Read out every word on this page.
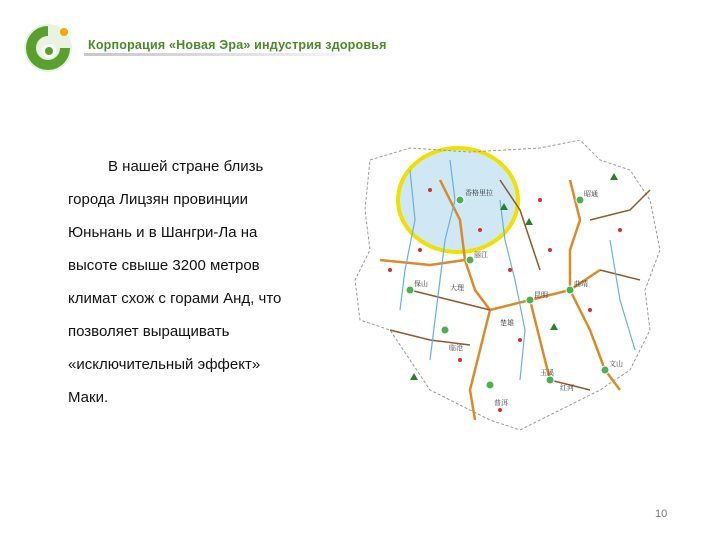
Корпорация «Новая Эра» индустрия здоровья
В нашей стране близь
города Лицзян провинции
Юньнань и в Шангри-Ла на
высоте свыше 3200 метров
климат схож с горами Анд, что
позволяет выращивать
«исключительный эффект»
Маки.
香格里拉
丽江
大理
昆明
玉溪
曲靖
文山
红河
普洱
临沧
保山
楚雄
昭通
10
